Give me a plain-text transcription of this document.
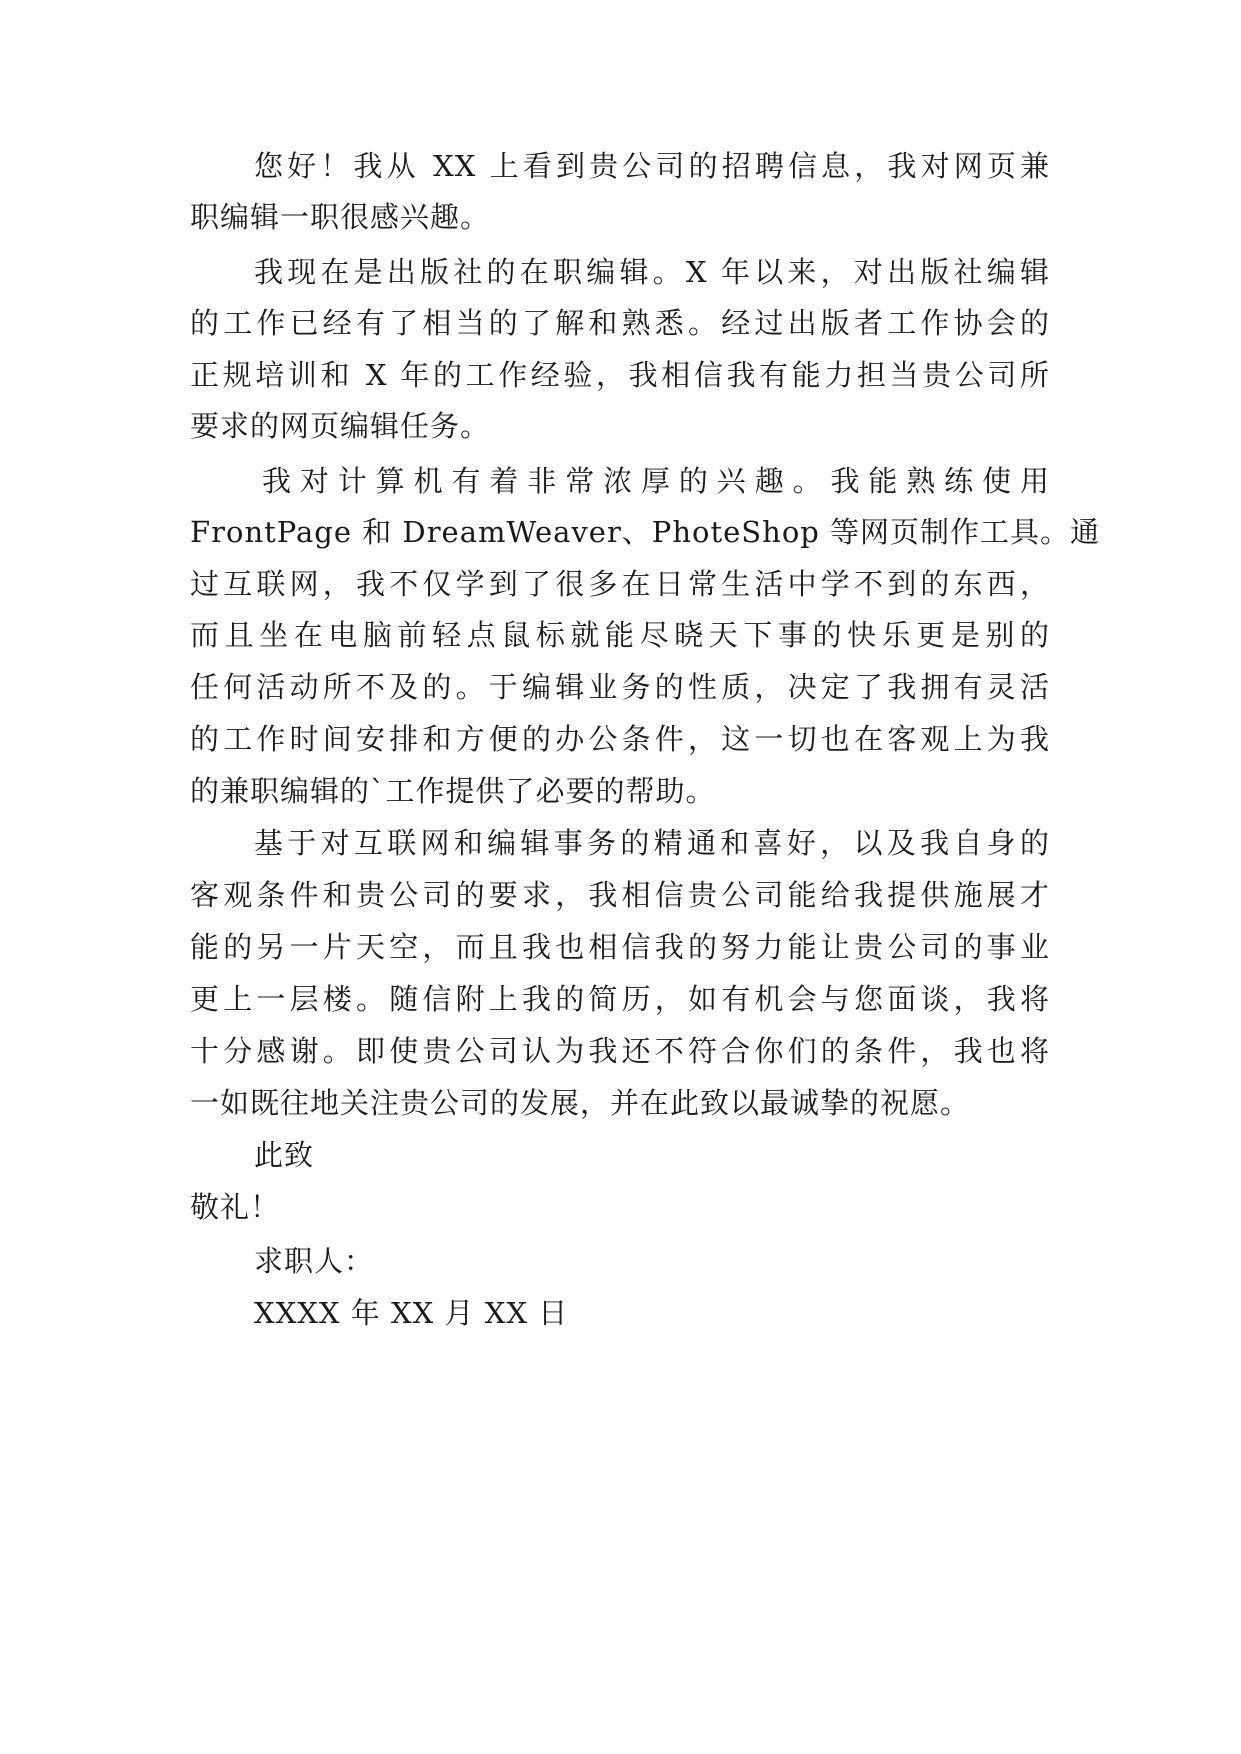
您好！我从 XX 上看到贵公司的招聘信息，我对网页兼
职编辑一职很感兴趣。
我现在是出版社的在职编辑。X 年以来，对出版社编辑
的工作已经有了相当的了解和熟悉。经过出版者工作协会的
正规培训和 X 年的工作经验，我相信我有能力担当贵公司所
要求的网页编辑任务。
我对计算机有着非常浓厚的兴趣。我能熟练使用
FrontPage 和 DreamWeaver、PhoteShop 等网页制作工具。通
过互联网，我不仅学到了很多在日常生活中学不到的东西，
而且坐在电脑前轻点鼠标就能尽晓天下事的快乐更是别的
任何活动所不及的。于编辑业务的性质，决定了我拥有灵活
的工作时间安排和方便的办公条件，这一切也在客观上为我
的兼职编辑的`工作提供了必要的帮助。
基于对互联网和编辑事务的精通和喜好，以及我自身的
客观条件和贵公司的要求，我相信贵公司能给我提供施展才
能的另一片天空，而且我也相信我的努力能让贵公司的事业
更上一层楼。随信附上我的简历，如有机会与您面谈，我将
十分感谢。即使贵公司认为我还不符合你们的条件，我也将
一如既往地关注贵公司的发展，并在此致以最诚挚的祝愿。
此致
敬礼！
求职人：
XXXX 年 XX 月 XX 日
